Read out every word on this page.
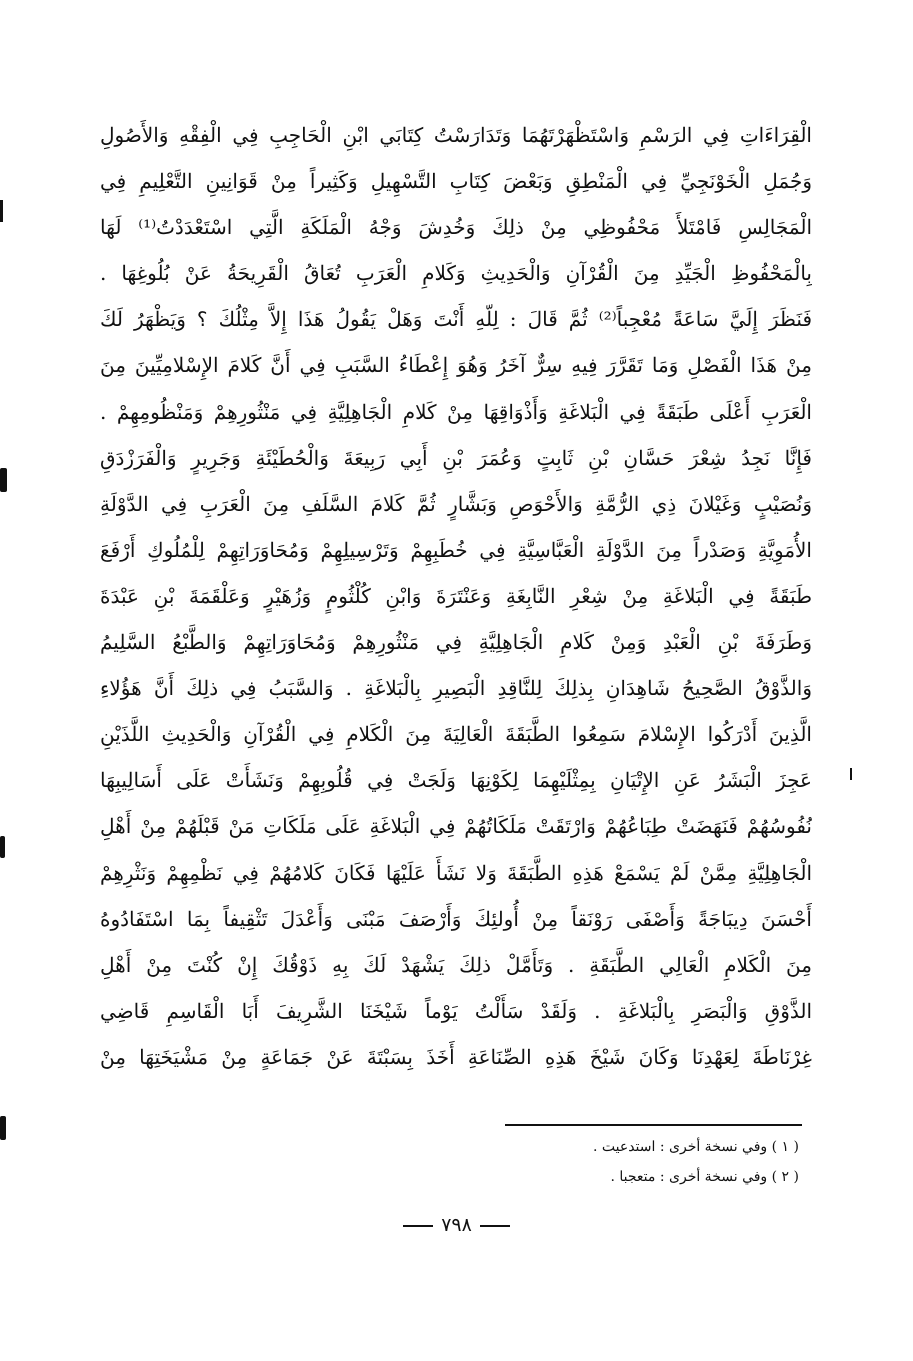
الْقِرَاءَاتِ فِي الرَسْمِ وَاسْتَظْهَرْتَهُمَا وَتَدَارَسْتُ كِتَابَي ابْنِ الْحَاجِبِ فِي الْفِقْهِ وَالأَصُولِ
وَجُمَلِ الْخَوْنَجِيِّ فِي الْمَنْطِقِ وَبَعْضَ كِتَابِ التَّسْهِيلِ وَكَثِيراً مِنْ قَوَانِينِ التَّعْلِيمِ فِي
الْمَجَالِسِ فَامْتَلأَ مَحْفُوظِي مِنْ ذلِكَ وَخُدِشَ وَجْهُ الْمَلَكَةِ الَّتِي اسْتَعْدَدْتُ⁽¹⁾ لَهَا
بِالْمَحْفُوظِ الْجَيِّدِ مِنَ الْقُرْآنِ وَالْحَدِيثِ وَكَلامِ الْعَرَبِ تُعَاقُ الْقَرِيحَةُ عَنْ بُلُوغِهَا .
فَنَظَرَ إِلَيَّ سَاعَةً مُعْجِباً⁽²⁾ ثُمَّ قَالَ : لِلّهِ أَنْتَ وَهَلْ يَقُولُ هَذَا إِلاَّ مِثْلُكَ ؟ وَيَظْهَرُ لَكَ
مِنْ هَذَا الْفَصْلِ وَمَا تَقَرَّرَ فِيهِ سِرٌّ آخَرُ وَهُوَ إِعْطَاءُ السَّبَبِ فِي أَنَّ كَلامَ الإِسْلامِيِّينَ مِنَ
الْعَرَبِ أَعْلَى طَبَقَةً فِي الْبَلاغَةِ وَأَذْوَاقِهَا مِنْ كَلامِ الْجَاهِلِيَّةِ فِي مَنْثُورِهِمْ وَمَنْظُومِهِمْ .
فَإِنَّا نَجِدُ شِعْرَ حَسَّانِ بْنِ ثَابِتٍ وَعُمَرَ بْنِ أَبِي رَبِيعَةَ وَالْحُطَيْئَةِ وَجَرِيرٍ وَالْفَرَزْدَقِ
وَنُصَيْبٍ وَغَيْلانَ ذِي الرُّمَّةِ وَالأَحْوَصِ وَبَشَّارٍ ثُمَّ كَلامَ السَّلَفِ مِنَ الْعَرَبِ فِي الدَّوْلَةِ
الأُمَوِيَّةِ وَصَدْراً مِنَ الدَّوْلَةِ الْعَبَّاسِيَّةِ فِي خُطَبِهِمْ وَتَرْسِيلِهِمْ وَمُحَاوَرَاتِهِمْ لِلْمُلُوكِ أَرْفَعَ
طَبَقَةً فِي الْبَلاغَةِ مِنْ شِعْرِ النَّابِغَةِ وَعَنْتَرَةَ وَابْنِ كُلْثُومٍ وَزُهَيْرٍ وَعَلْقَمَةَ بْنِ عَبْدَةَ
وَطَرَفَةَ بْنِ الْعَبْدِ وَمِنْ كَلامِ الْجَاهِلِيَّةِ فِي مَنْثُورِهِمْ وَمُحَاوَرَاتِهِمْ وَالطَّبْعُ السَّلِيمُ
وَالذَّوْقُ الصَّحِيحُ شَاهِدَانِ بِذلِكَ لِلنَّاقِدِ الْبَصِيرِ بِالْبَلاغَةِ . وَالسَّبَبُ فِي ذلِكَ أَنَّ هَؤُلاءِ
الَّذِينَ أَدْرَكُوا الإِسْلامَ سَمِعُوا الطَّبَقَةَ الْعَالِيَةَ مِنَ الْكَلامِ فِي الْقُرْآنِ وَالْحَدِيثِ اللَّذَيْنِ
عَجِزَ الْبَشَرُ عَنِ الإِتْيَانِ بِمِثْلَيْهِمَا لِكَوْنِهَا وَلَجَتْ فِي قُلُوبِهِمْ وَنَشَأَتْ عَلَى أَسَالِيبِهَا
نُفُوسُهُمْ فَنَهَضَتْ طِبَاعُهُمْ وَارْتَقَتْ مَلَكَاتُهُمْ فِي الْبَلاغَةِ عَلَى مَلَكَاتِ مَنْ قَبْلَهُمْ مِنْ أَهْلِ
الْجَاهِلِيَّةِ مِمَّنْ لَمْ يَسْمَعْ هَذِهِ الطَّبَقَةَ وَلا نَشَأَ عَلَيْهَا فَكَانَ كَلامُهُمْ فِي نَظْمِهِمْ وَنَثْرِهِمْ
أَحْسَنَ دِيبَاجَةً وَأَصْفَى رَوْنَقاً مِنْ أُولئِكَ وَأَرْصَفَ مَبْنَى وَأَعْدَلَ تَثْقِيفاً بِمَا اسْتَفَادُوهُ
مِنَ الْكَلامِ الْعَالِي الطَّبَقَةِ . وَتَأَمَّلْ ذلِكَ يَشْهَدْ لَكَ بِهِ ذَوْقُكَ إِنْ كُنْتَ مِنْ أَهْلِ
الذَّوْقِ وَالْبَصَرِ بِالْبَلاغَةِ . وَلَقَدْ سَأَلْتُ يَوْماً شَيْخَنَا الشَّرِيفَ أَبَا الْقَاسِمِ قَاضِي
غِرْنَاطَةَ لِعَهْدِنَا وَكَانَ شَيْخَ هَذِهِ الصِّنَاعَةِ أَخَذَ بِسَبْتَةَ عَنْ جَمَاعَةٍ مِنْ مَشْيَخَتِهَا مِنْ
( ١ ) وفي نسخة أخرى : استدعيت .
( ٢ ) وفي نسخة أخرى : متعجبا .
٧٩٨
